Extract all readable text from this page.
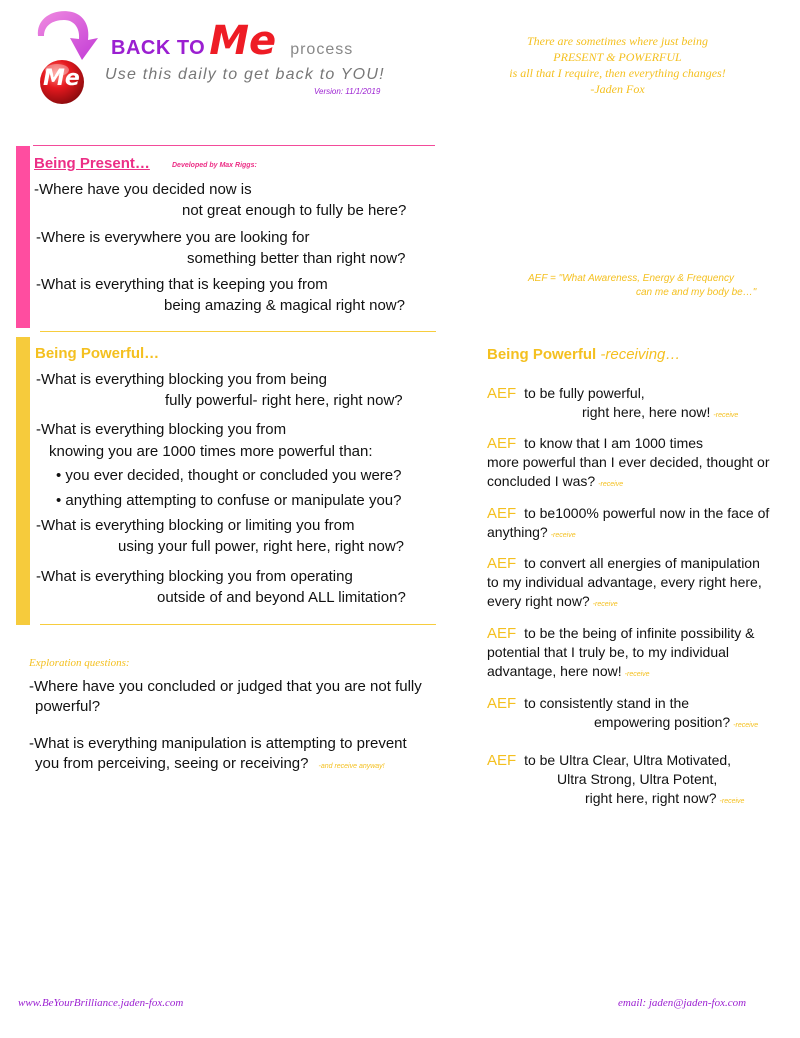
Me
BACK TO Me process
Use this daily to get back to YOU!
Version: 11/1/2019
There are sometimes where just being
PRESENT & POWERFUL
is all that I require, then everything changes!
-Jaden Fox
Being Present…	Developed by Max Riggs:
-Where have you decided now is
not great enough to fully be here?
-Where is everywhere you are looking for
something better than right now?
-What is everything that is keeping you from
being amazing & magical right now?
AEF = "What Awareness, Energy & Frequency
can me and my body be…"
Being Powerful…
-What is everything blocking you from being
fully powerful- right here, right now?
-What is everything blocking you from
knowing you are 1000 times more powerful than:
• you ever decided, thought or concluded you were?
• anything attempting to confuse or manipulate you?
-What is everything blocking or limiting you from
using your full power, right here, right now?
-What is everything blocking you from operating
outside of and beyond ALL limitation?
Being Powerful -receiving…
AEF to be fully powerful,
right here, here now! -receive
AEF to know that I am 1000 times
more powerful than I ever decided, thought or
concluded I was? -receive
AEF to be1000% powerful now in the face of
anything? -receive
AEF to convert all energies of manipulation
to my individual advantage, every right here,
every right now? -receive
AEF to be the being of infinite possibility &
potential that I truly be, to my individual
advantage, here now! -receive
AEF to consistently stand in the
empowering position? -receive
AEF to be Ultra Clear, Ultra Motivated,
Ultra Strong, Ultra Potent,
right here, right now? -receive
Exploration questions:
-Where have you concluded or judged that you are not fully
powerful?
-What is everything manipulation is attempting to prevent
you from perceiving, seeing or receiving? -and receive anyway!
www.BeYourBrilliance.jaden-fox.com	email: jaden@jaden-fox.com
